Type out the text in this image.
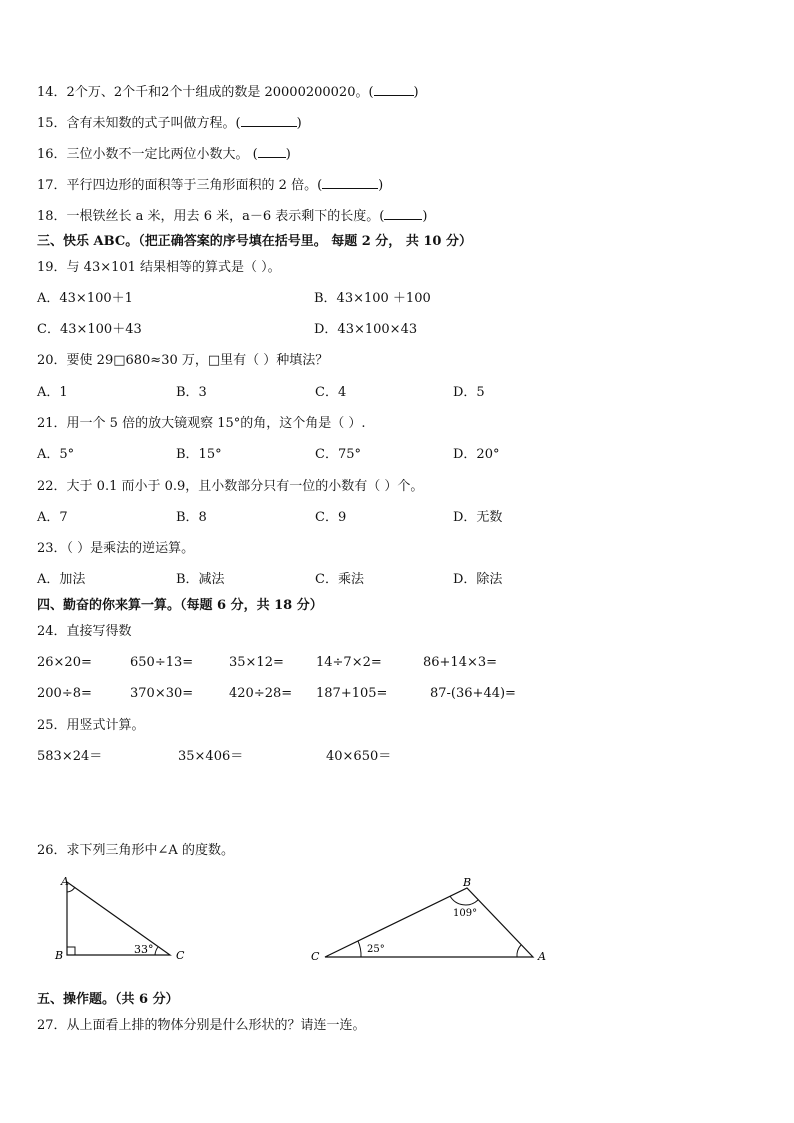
14．2个万、2个千和2个十组成的数是 20000200020。(	)
15．含有未知数的式子叫做方程。(	)
16．三位小数不一定比两位小数大。 ( )
17．平行四边形的面积等于三角形面积的 2 倍。(	)
18．一根铁丝长 a 米，用去 6 米，a－6 表示剩下的长度。(	)
三、快乐 ABC。（把正确答案的序号填在括号里。 每题 2 分， 共 10 分）
19．与 43×101 结果相等的算式是（ ）。
A．43×100＋1	B．43×100 ＋100
C．43×100＋43	D．43×100×43
20．要使 29□680≈30 万，□里有（ ）种填法？
A．1	B．3	C．4	D．5
21．用一个 5 倍的放大镜观察 15°的角，这个角是（ ）.
A．5°	B．15°	C．75°	D．20°
22．大于 0.1 而小于 0.9，且小数部分只有一位的小数有（ ）个。
A．7	B．8	C．9	D．无数
23．（ ）是乘法的逆运算。
A．加法	B．减法	C．乘法	D．除法
四、勤奋的你来算一算。（每题 6 分，共 18 分）
24．直接写得数
26×20=	650÷13=	35×12= 14÷7×2=	86+14×3=
200÷8=	370×30=	420÷28= 187+105=	87-(36+44)=
25．用竖式计算。
583×24＝	35×406＝	40×650＝
26．求下列三角形中∠A 的度数。
A
B	C
33°
B
C	A
109°
25°
五、操作题。（共 6 分）
27．从上面看上排的物体分别是什么形状的？请连一连。
